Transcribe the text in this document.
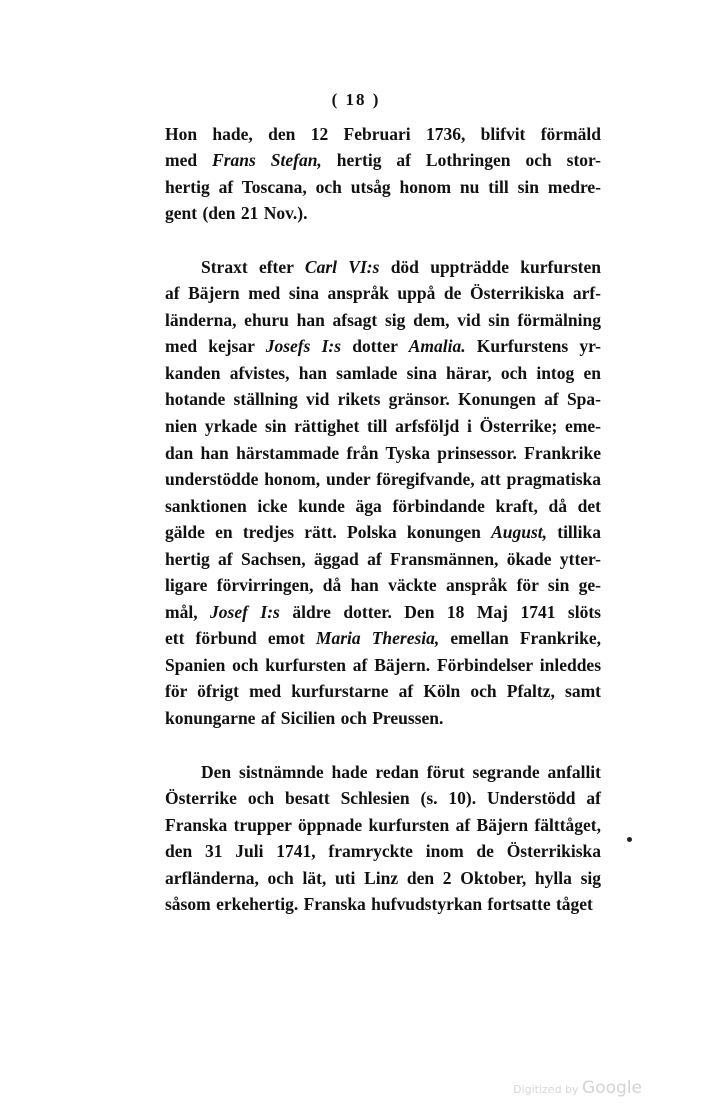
( 18 )
Hon hade, den 12 Februari 1736, blifvit förmäld
med Frans Stefan, hertig af Lothringen och stor-
hertig af Toscana, och utsåg honom nu till sin medre-
gent (den 21 Nov.).
Straxt efter Carl VI:s död uppträdde kurfursten
af Bäjern med sina anspråk uppå de Österrikiska arf-
länderna, ehuru han afsagt sig dem, vid sin förmälning
med kejsar Josefs I:s dotter Amalia. Kurfurstens yr-
kanden afvistes, han samlade sina härar, och intog en
hotande ställning vid rikets gränsor. Konungen af Spa-
nien yrkade sin rättighet till arfsföljd i Österrike; eme-
dan han härstammade från Tyska prinsessor. Frankrike
understödde honom, under föregifvande, att pragmatiska
sanktionen icke kunde äga förbindande kraft, då det
gälde en tredjes rätt. Polska konungen August, tillika
hertig af Sachsen, äggad af Fransmännen, ökade ytter-
ligare förvirringen, då han väckte anspråk för sin ge-
mål, Josef I:s äldre dotter. Den 18 Maj 1741 slöts
ett förbund emot Maria Theresia, emellan Frankrike,
Spanien och kurfursten af Bäjern. Förbindelser inleddes
för öfrigt med kurfurstarne af Köln och Pfaltz, samt
konungarne af Sicilien och Preussen.
Den sistnämnde hade redan förut segrande anfallit
Österrike och besatt Schlesien (s. 10). Understödd af
Franska trupper öppnade kurfursten af Bäjern fälttåget,
den 31 Juli 1741, framryckte inom de Österrikiska
arfländerna, och lät, uti Linz den 2 Oktober, hylla sig
såsom erkehertig. Franska hufvudstyrkan fortsatte tåget
Digitized by Google
